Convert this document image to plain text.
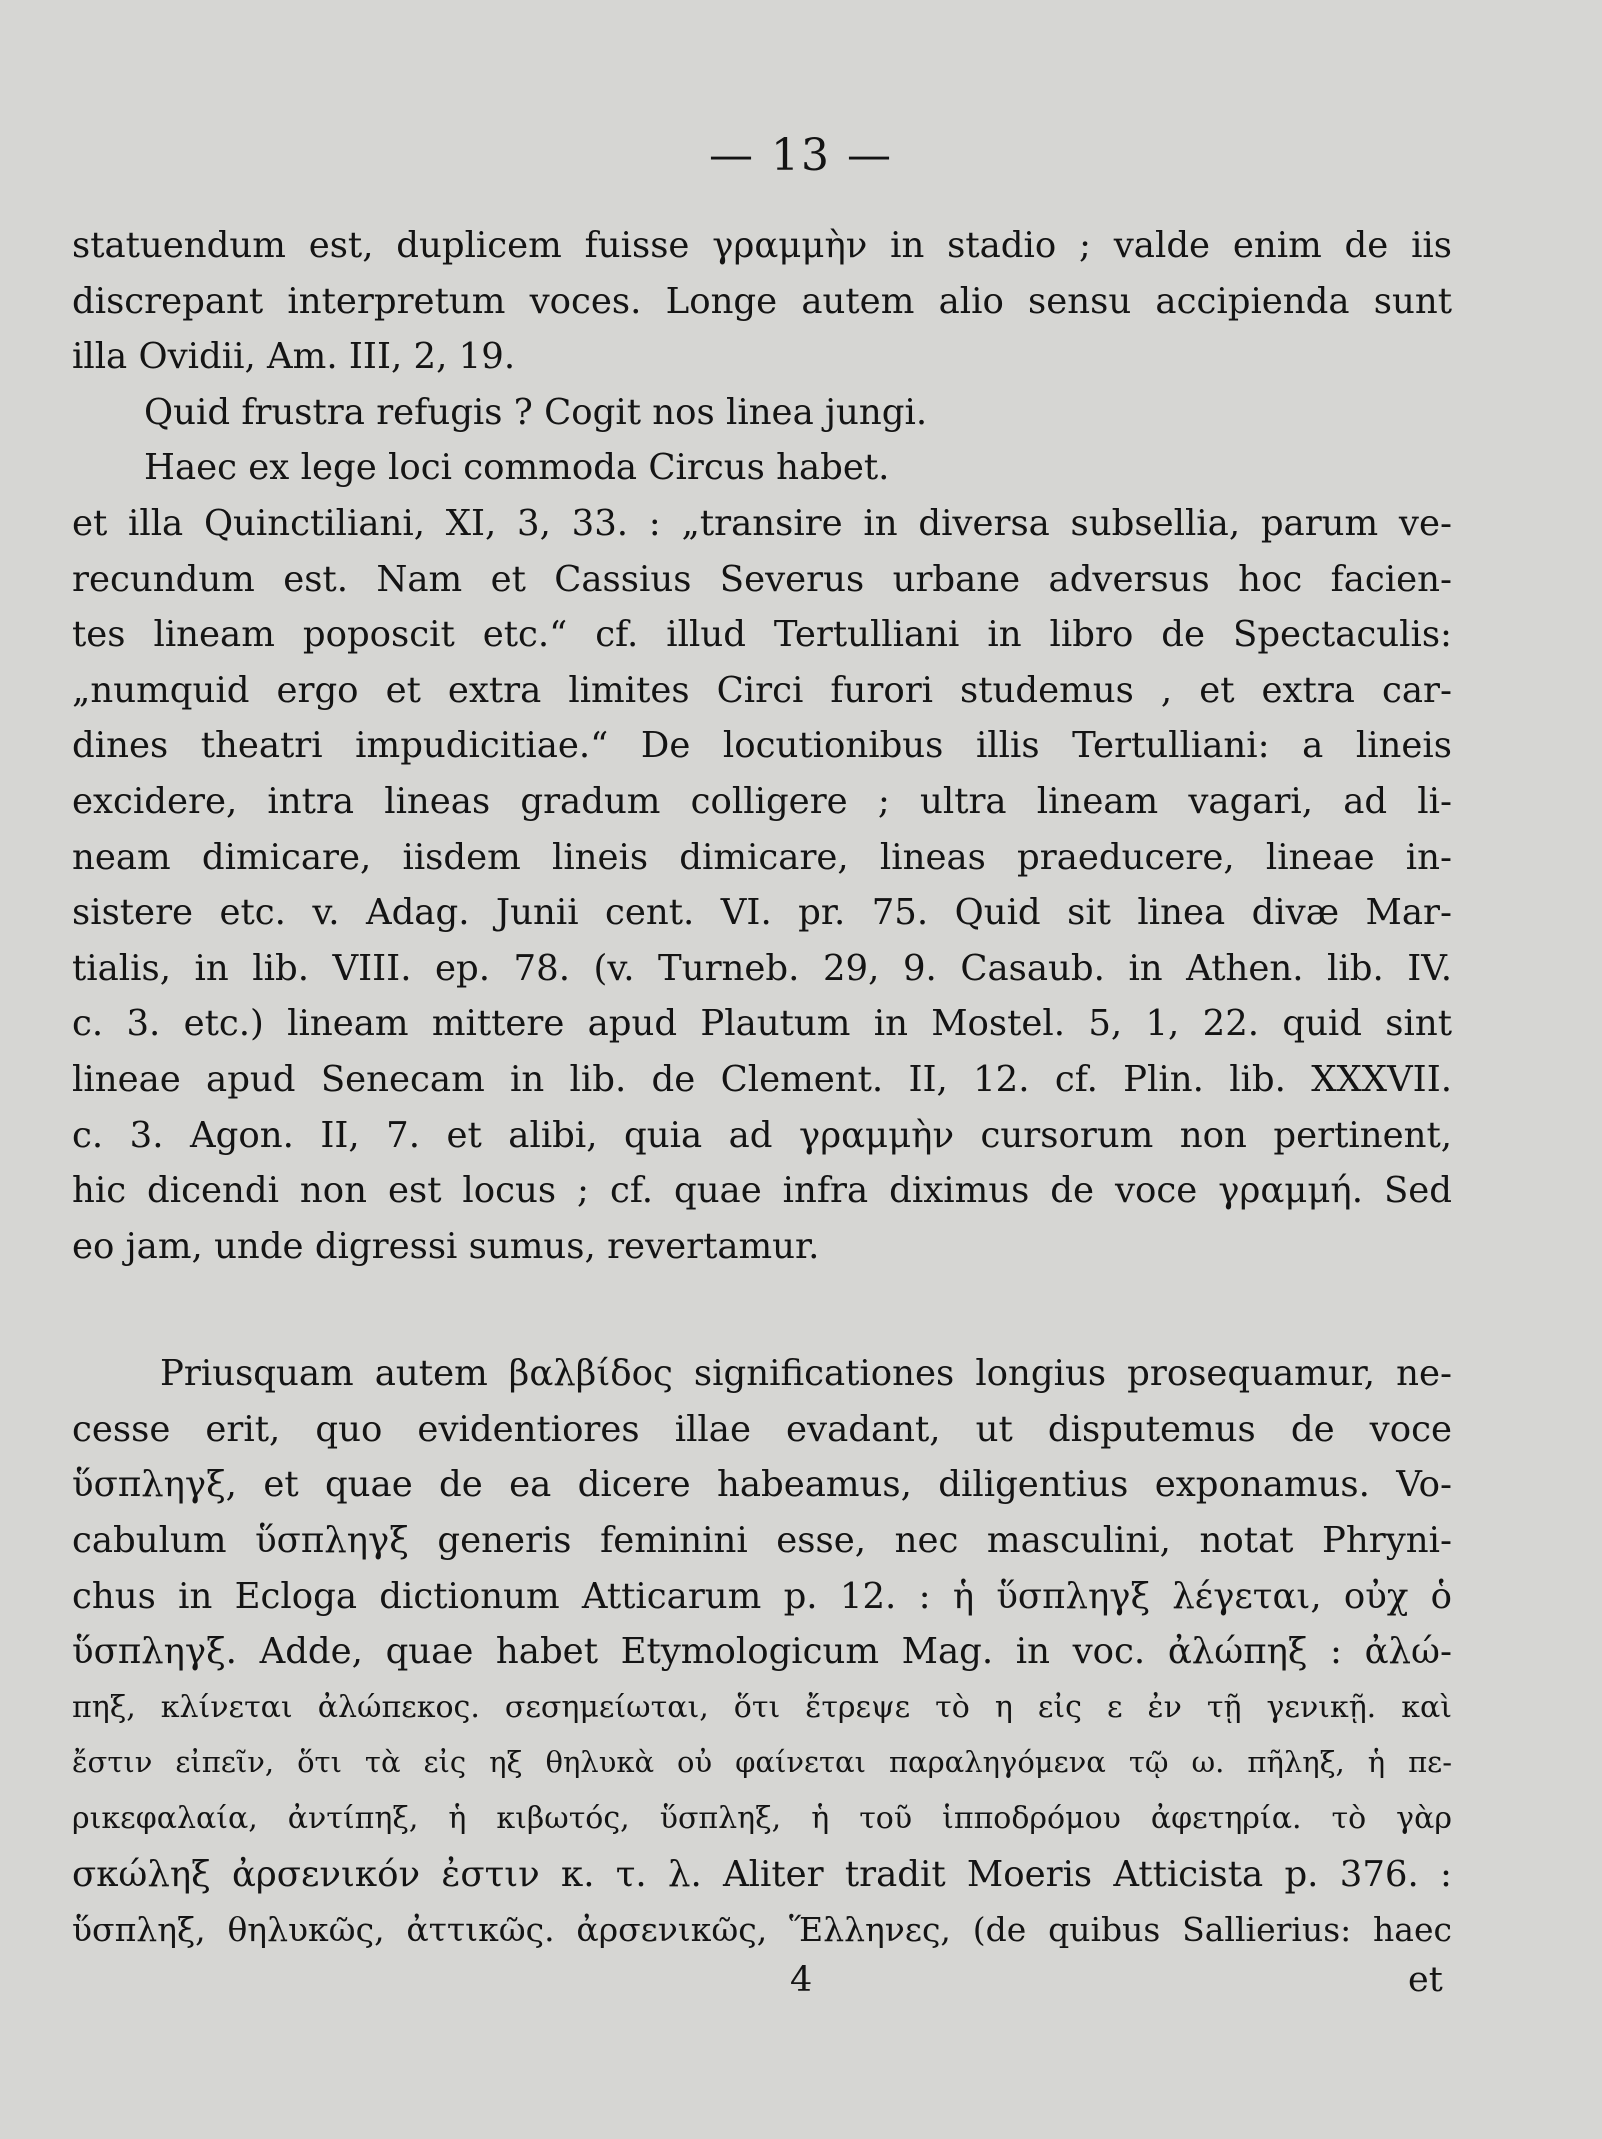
— 13 —
statuendum est, duplicem fuisse γραμμὴν in stadio ; valde enim de iis
discrepant interpretum voces. Longe autem alio sensu accipienda sunt
illa Ovidii, Am. III, 2, 19.
Quid frustra refugis ? Cogit nos linea jungi.
Haec ex lege loci commoda Circus habet.
et illa Quinctiliani, XI, 3, 33. : „transire in diversa subsellia, parum ve-
recundum est. Nam et Cassius Severus urbane adversus hoc facien-
tes lineam poposcit etc.“ cf. illud Tertulliani in libro de Spectaculis:
„numquid ergo et extra limites Circi furori studemus , et extra car-
dines theatri impudicitiae.“ De locutionibus illis Tertulliani: a lineis
excidere, intra lineas gradum colligere ; ultra lineam vagari, ad li-
neam dimicare, iisdem lineis dimicare, lineas praeducere, lineae in-
sistere etc. v. Adag. Junii cent. VI. pr. 75. Quid sit linea divæ Mar-
tialis, in lib. VIII. ep. 78. (v. Turneb. 29, 9. Casaub. in Athen. lib. IV.
c. 3. etc.) lineam mittere apud Plautum in Mostel. 5, 1, 22. quid sint
lineae apud Senecam in lib. de Clement. II, 12. cf. Plin. lib. XXXVII.
c. 3. Agon. II, 7. et alibi, quia ad γραμμὴν cursorum non pertinent,
hic dicendi non est locus ; cf. quae infra diximus de voce γραμμή. Sed
eo jam, unde digressi sumus, revertamur.
Priusquam autem βαλβίδος significationes longius prosequamur, ne-
cesse erit, quo evidentiores illae evadant, ut disputemus de voce
ὕσπληγξ, et quae de ea dicere habeamus, diligentius exponamus. Vo-
cabulum ὕσπληγξ generis feminini esse, nec masculini, notat Phryni-
chus in Ecloga dictionum Atticarum p. 12. : ἡ ὕσπληγξ λέγεται, οὐχ ὁ
ὕσπληγξ. Adde, quae habet Etymologicum Mag. in voc. ἀλώπηξ : ἀλώ-
πηξ, κλίνεται ἀλώπεκος. σεσημείωται, ὅτι ἔτρεψε τὸ η εἰς ε ἐν τῇ γενικῇ. καὶ
ἔστιν εἰπεῖν, ὅτι τὰ εἰς ηξ θηλυκὰ οὐ φαίνεται παραληγόμενα τῷ ω. πῆληξ, ἡ πε-
ρικεφαλαία, ἀντίπηξ, ἡ κιβωτός, ὕσπληξ, ἡ τοῦ ἱπποδρόμου ἀφετηρία. τὸ γὰρ
σκώληξ ἀρσενικόν ἐστιν κ. τ. λ. Aliter tradit Moeris Atticista p. 376. :
ὕσπληξ, θηλυκῶς, ἀττικῶς. ἀρσενικῶς, Ἕλληνες, (de quibus Sallierius: haec
4	et
